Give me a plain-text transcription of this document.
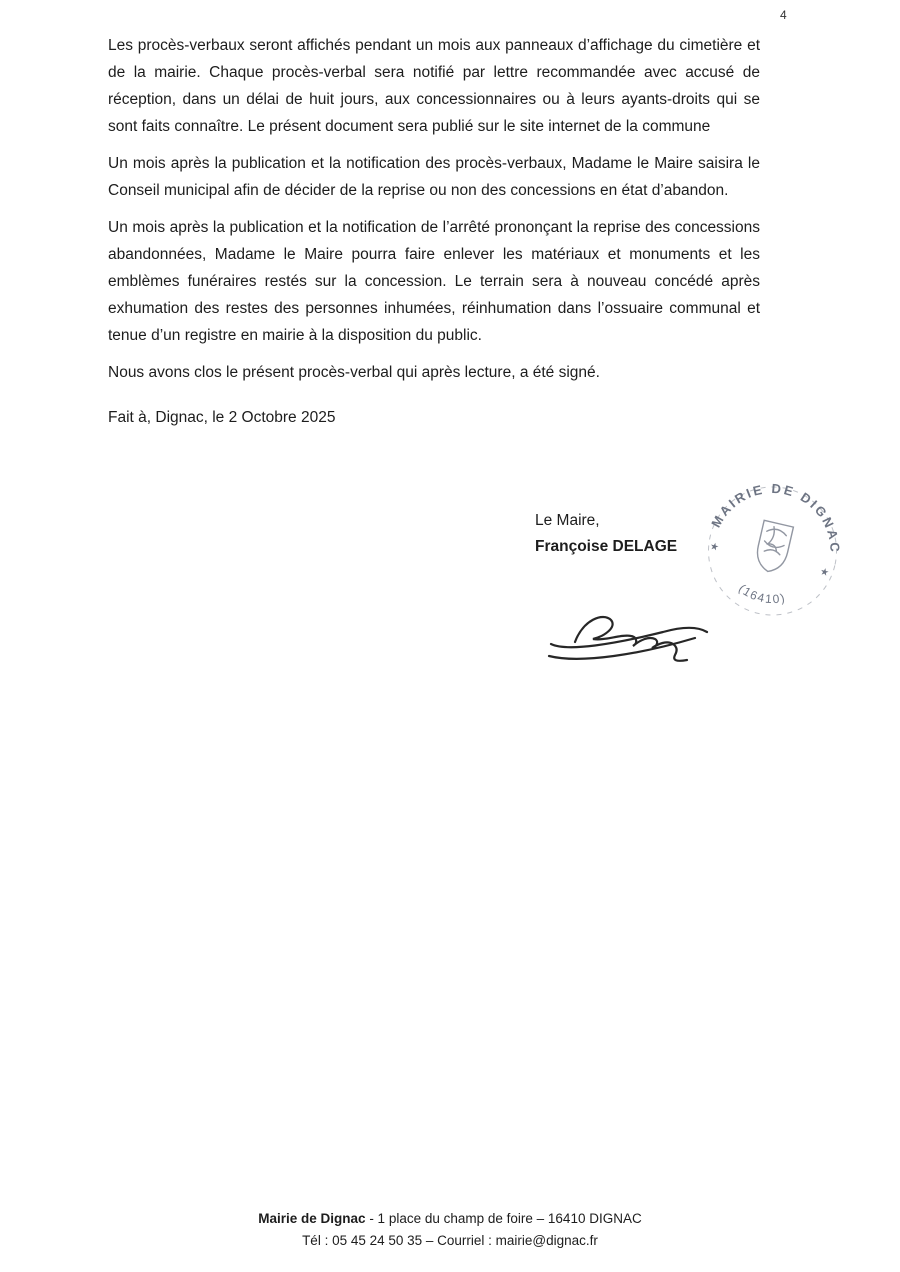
4

Les procès-verbaux seront affichés pendant un mois aux panneaux d’affichage du cimetière et de la mairie. Chaque procès-verbal sera notifié par lettre recommandée avec accusé de réception, dans un délai de huit jours, aux concessionnaires ou à leurs ayants-droits qui se sont faits connaître. Le présent document sera publié sur le site internet de la commune

Un mois après la publication et la notification des procès-verbaux, Madame le Maire saisira le Conseil municipal afin de décider de la reprise ou non des concessions en état d’abandon.

Un mois après la publication et la notification de l’arrêté prononçant la reprise des concessions abandonnées, Madame le Maire pourra faire enlever les matériaux et monuments et les emblèmes funéraires restés sur la concession. Le terrain sera à nouveau concédé après exhumation des restes des personnes inhumées, réinhumation dans l’ossuaire communal et tenue d’un registre en mairie à la disposition du public.

Nous avons clos le présent procès-verbal qui après lecture, a été signé.

Fait à, Dignac, le 2 Octobre 2025

Le Maire,
Françoise DELAGE
MAIRIE DE DIGNAC
(16410)
★
★
Mairie de Dignac - 1 place du champ de foire – 16410 DIGNAC
Tél : 05 45 24 50 35 – Courriel : mairie@dignac.fr
